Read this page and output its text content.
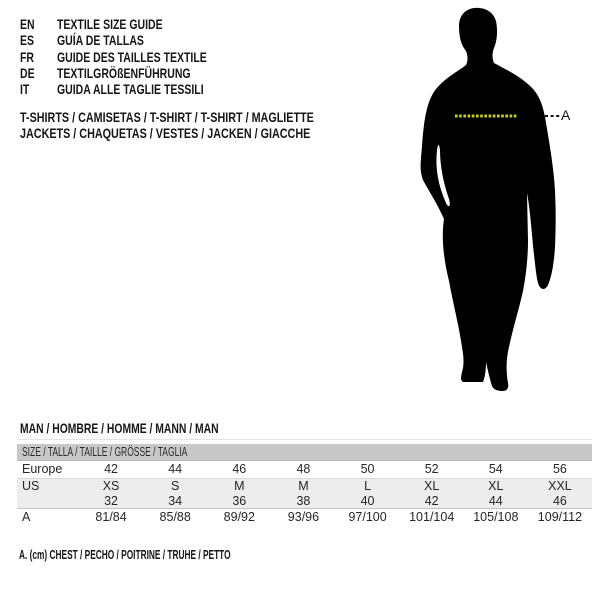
EN TEXTILE SIZE GUIDE
ES GUÍA DE TALLAS
FR GUIDE DES TAILLES TEXTILE
DE TEXTILGRÖßENFÜHRUNG
IT GUIDA ALLE TAGLIE TESSILI
T-SHIRTS / CAMISETAS / T-SHIRT / T-SHIRT / MAGLIETTE
JACKETS / CHAQUETAS / VESTES / JACKEN / GIACCHE
A
MAN / HOMBRE / HOMME / MANN / MAN
SIZE / TALLA / TAILLE / GRÖSSE / TAGLIA
Europe	42	44	46	48	50	52	54	56
US	XS	S	M	M	L	XL	XL	XXL
32	34	36	38	40	42	44	46
A	81/84	85/88	89/92	93/96	97/100	101/104	105/108	109/112
A. (cm) CHEST / PECHO / POITRINE / TRUHE / PETTO
